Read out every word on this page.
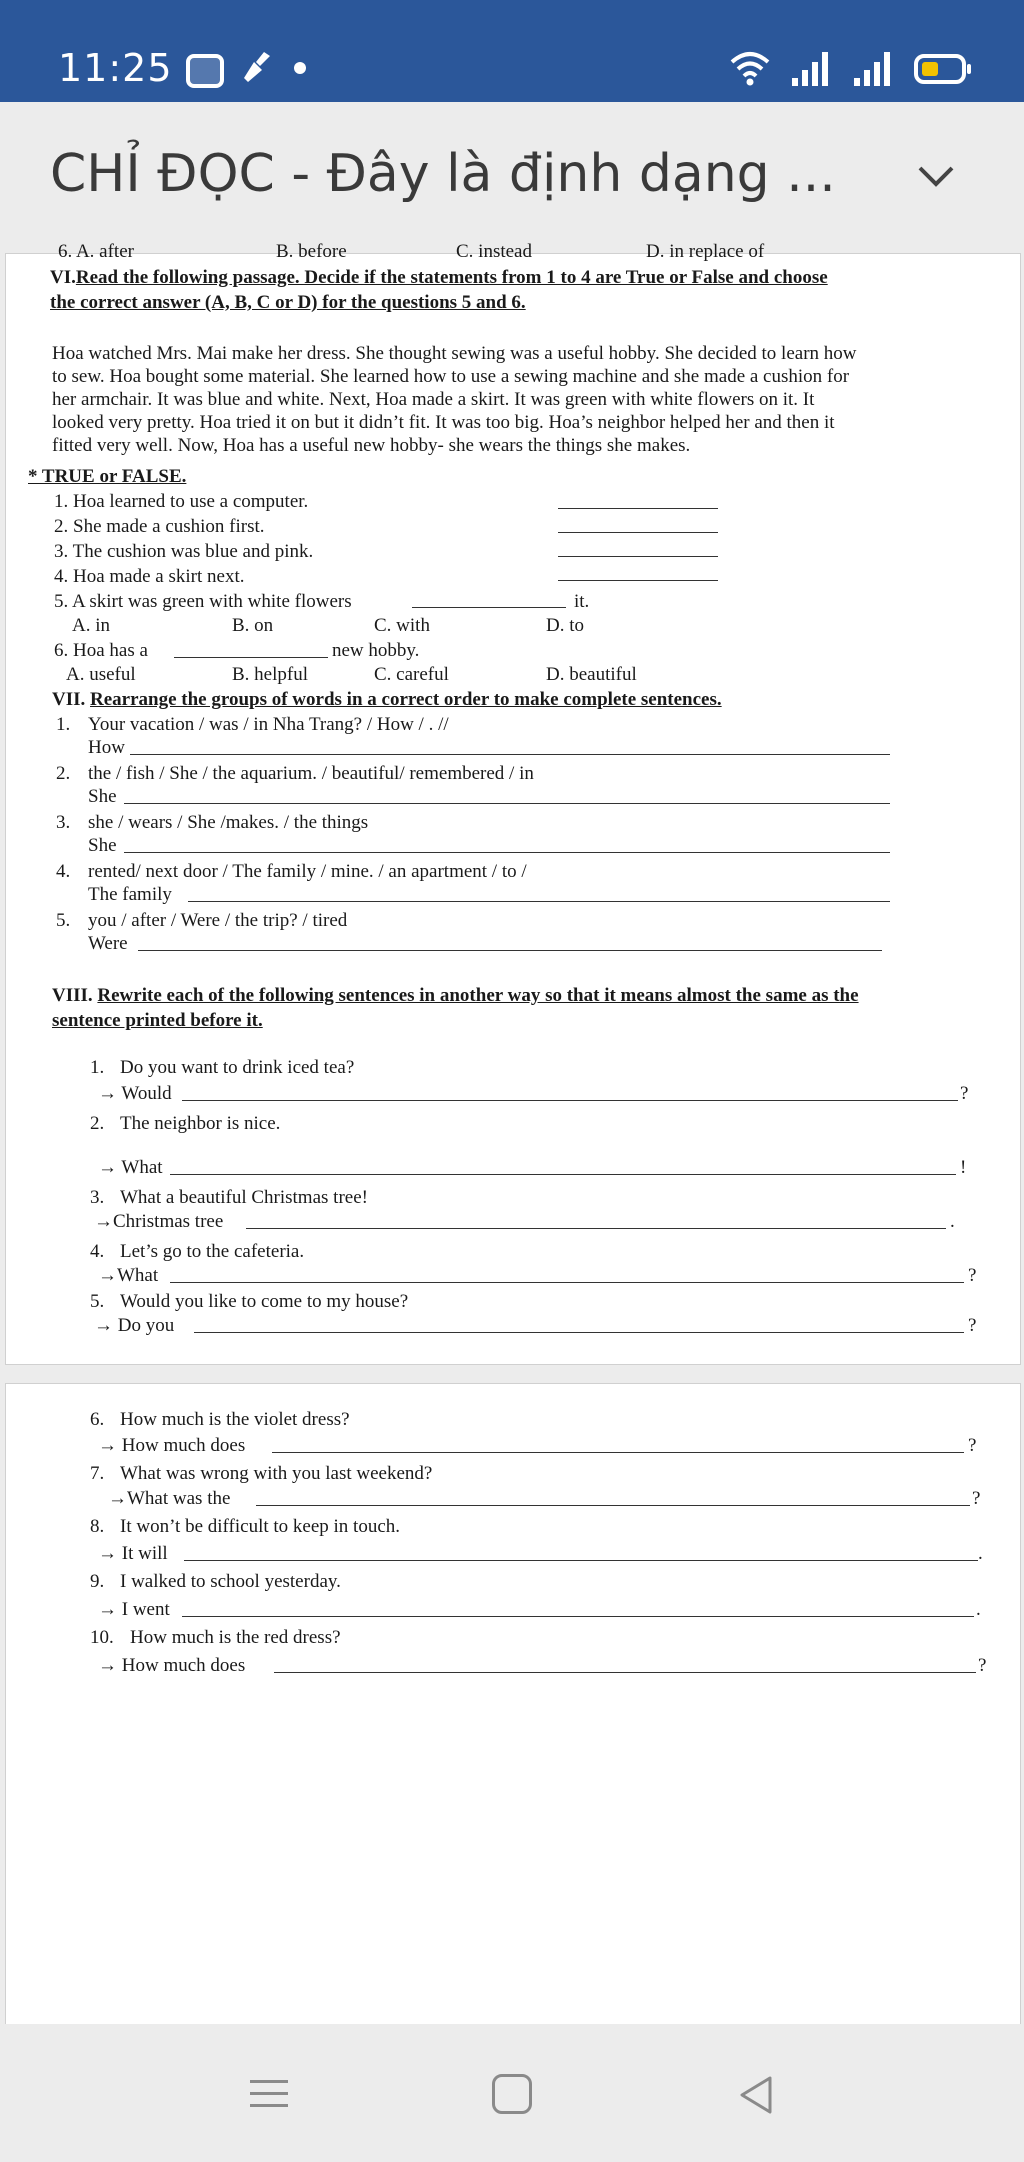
11:25
CHỈ ĐỌC - Đây là định dạng ...
6. A. after	B. before	C. instead	D. in replace of
VI.Read the following passage. Decide if the statements from 1 to 4 are True or False and choose
the correct answer (A, B, C or D) for the questions 5 and 6.
Hoa watched Mrs. Mai make her dress. She thought sewing was a useful hobby. She decided to learn how
to sew. Hoa bought some material. She learned how to use a sewing machine and she made a cushion for
her armchair. It was blue and white. Next, Hoa made a skirt. It was green with white flowers on it. It
looked very pretty. Hoa tried it on but it didn’t fit. It was too big. Hoa’s neighbor helped her and then it
fitted very well. Now, Hoa has a useful new hobby- she wears the things she makes.
* TRUE or FALSE.
1. Hoa learned to use a computer.
2. She made a cushion first.
3. The cushion was blue and pink.
4. Hoa made a skirt next.
5. A skirt was green with white flowers	it.
A. in	B. on	C. with	D. to
6. Hoa has a	new hobby.
A. useful	B. helpful	C. careful	D. beautiful
VII. Rearrange the groups of words in a correct order to make complete sentences.
1. Your vacation / was / in Nha Trang? / How / . //
How
2. the / fish / She / the aquarium. / beautiful/ remembered / in
She
3. she / wears / She /makes. / the things
She
4. rented/ next door / The family / mine. / an apartment / to /
The family
5. you / after / Were / the trip? / tired
Were
VIII. Rewrite each of the following sentences in another way so that it means almost the same as the
sentence printed before it.
1. Do you want to drink iced tea?
→ Would	?
2. The neighbor is nice.
→ What	!
3. What a beautiful Christmas tree!
→Christmas tree	.
4. Let’s go to the cafeteria.
→What	?
5. Would you like to come to my house?
→ Do you	?
6. How much is the violet dress?
→ How much does	?
7. What was wrong with you last weekend?
→What was the	?
8. It won’t be difficult to keep in touch.
→ It will	.
9. I walked to school yesterday.
→ I went	.
10. How much is the red dress?
→ How much does	?
